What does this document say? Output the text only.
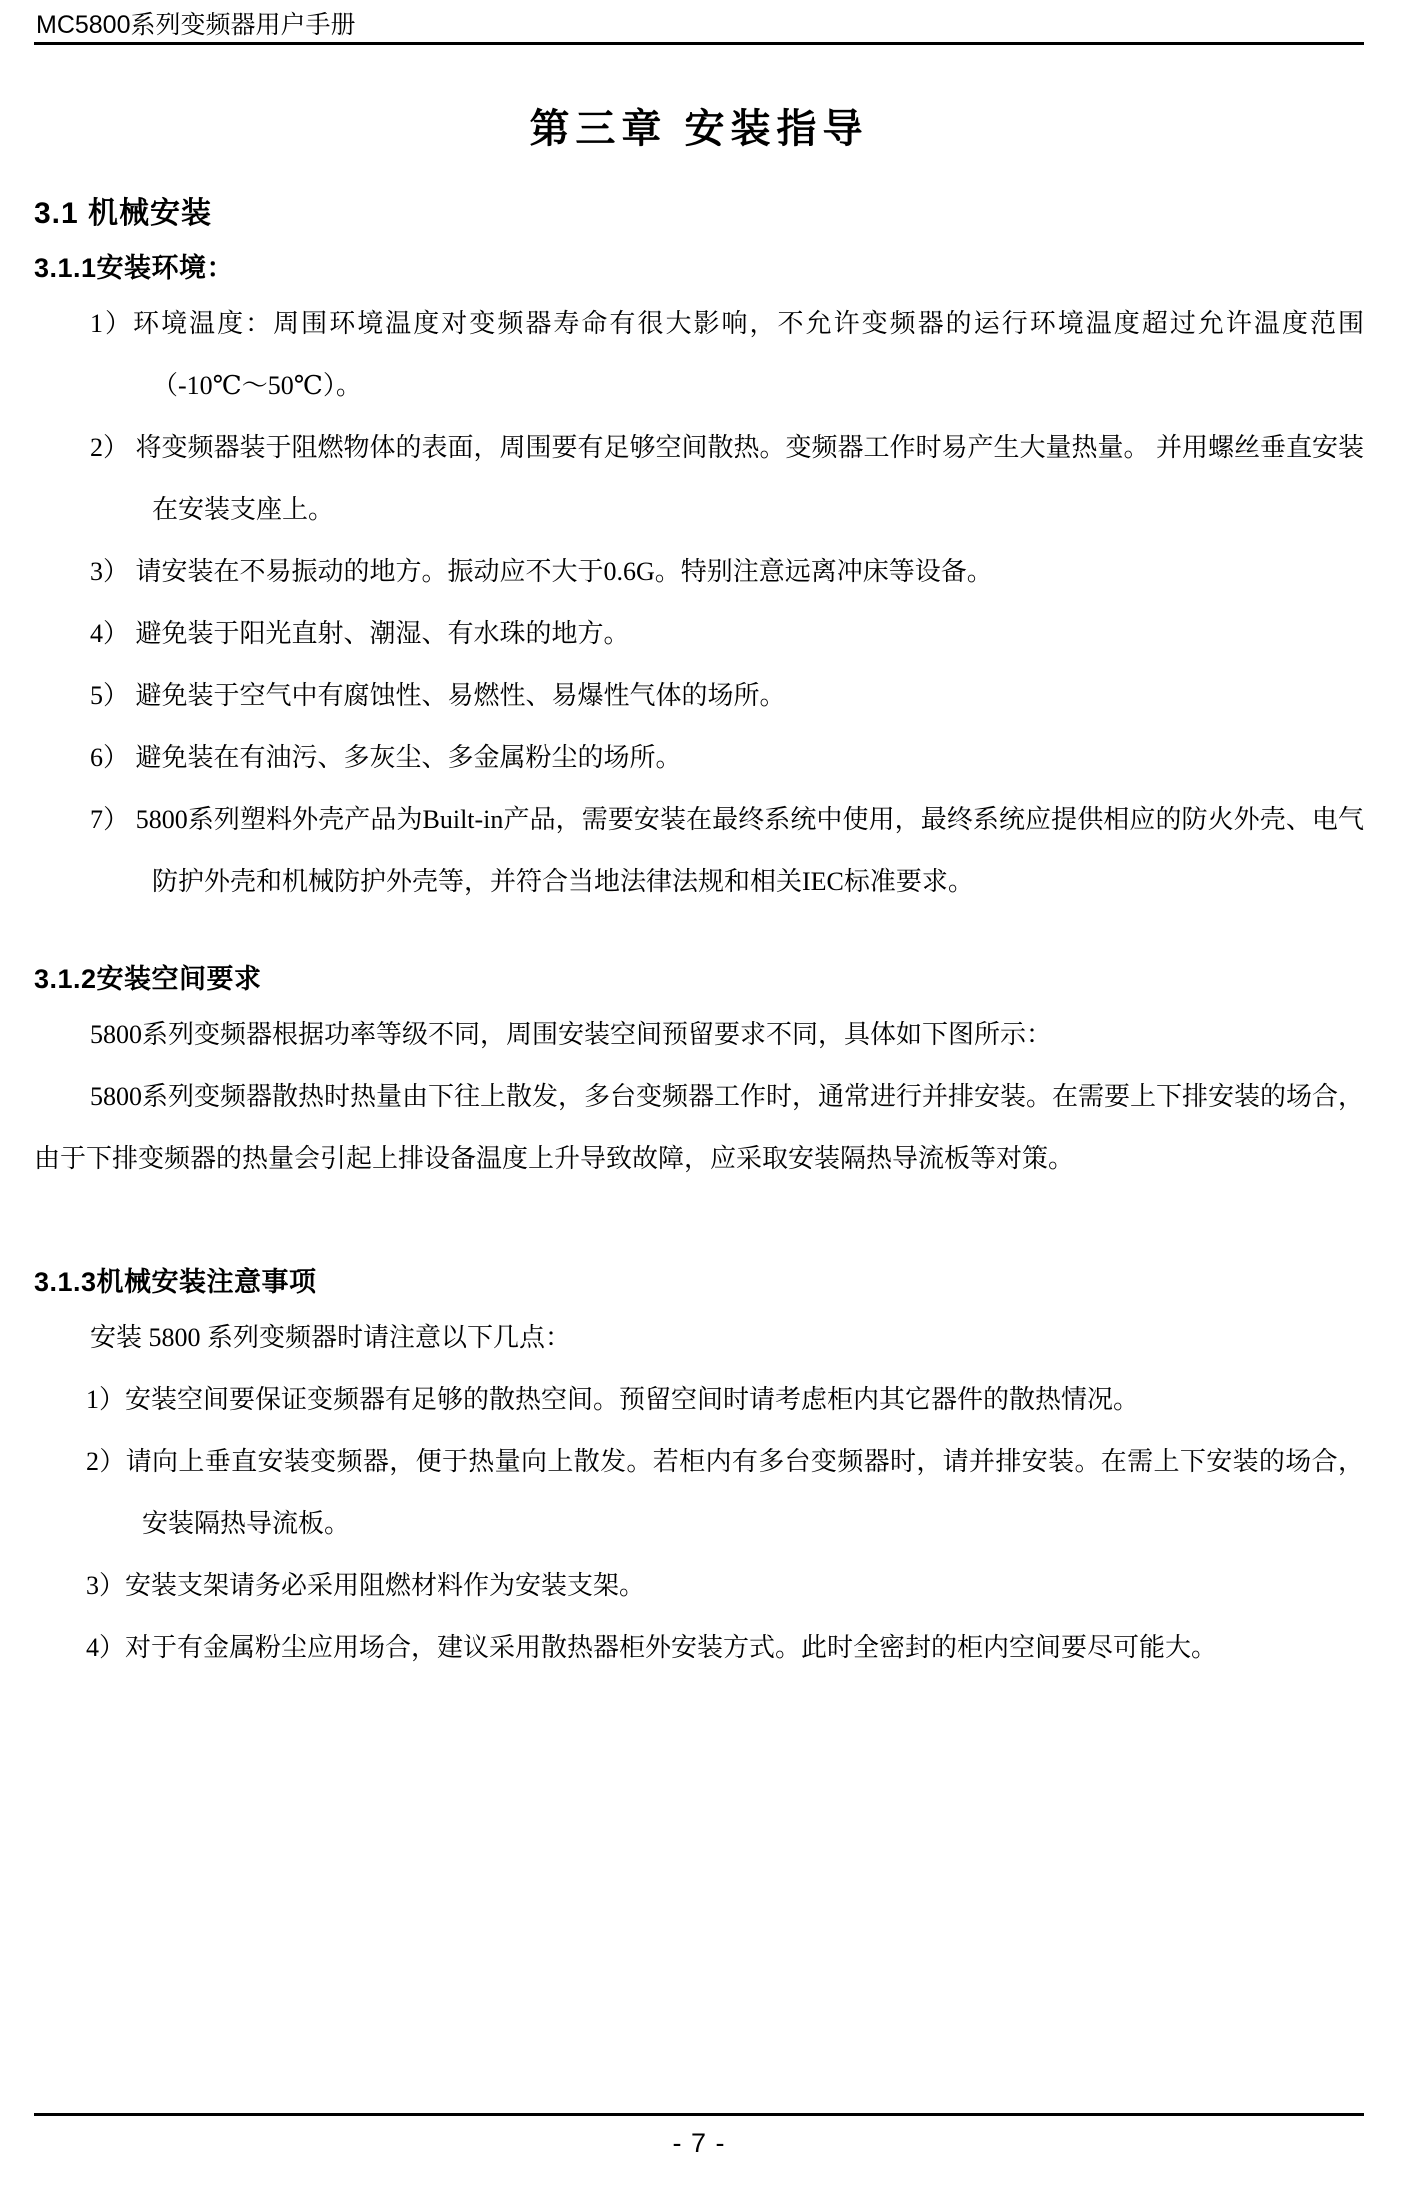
MC5800系列变频器用户手册
第三章 安装指导
3.1 机械安装
3.1.1安装环境：

1）环境温度：周围环境温度对变频器寿命有很大影响，不允许变频器的运行环境温度超过允许温度范围 （-10℃～50℃）。

2） 将变频器装于阻燃物体的表面，周围要有足够空间散热。变频器工作时易产生大量热量。 并用螺丝垂直安装在安装支座上。

3） 请安装在不易振动的地方。振动应不大于0.6G。特别注意远离冲床等设备。

4） 避免装于阳光直射、潮湿、有水珠的地方。

5） 避免装于空气中有腐蚀性、易燃性、易爆性气体的场所。

6） 避免装在有油污、多灰尘、多金属粉尘的场所。

7） 5800系列塑料外壳产品为Built-in产品，需要安装在最终系统中使用，最终系统应提供相应的防火外壳、电气防护外壳和机械防护外壳等，并符合当地法律法规和相关IEC标准要求。

3.1.2安装空间要求

5800系列变频器根据功率等级不同，周围安装空间预留要求不同，具体如下图所示：

5800系列变频器散热时热量由下往上散发，多台变频器工作时，通常进行并排安装。在需要上下排安装的场合，由于下排变频器的热量会引起上排设备温度上升导致故障，应采取安装隔热导流板等对策。

3.1.3机械安装注意事项

安装 5800 系列变频器时请注意以下几点：

1）安装空间要保证变频器有足够的散热空间。预留空间时请考虑柜内其它器件的散热情况。

2）请向上垂直安装变频器，便于热量向上散发。若柜内有多台变频器时，请并排安装。在需上下安装的场合，安装隔热导流板。

3）安装支架请务必采用阻燃材料作为安装支架。

4）对于有金属粉尘应用场合，建议采用散热器柜外安装方式。此时全密封的柜内空间要尽可能大。

- 7 -
